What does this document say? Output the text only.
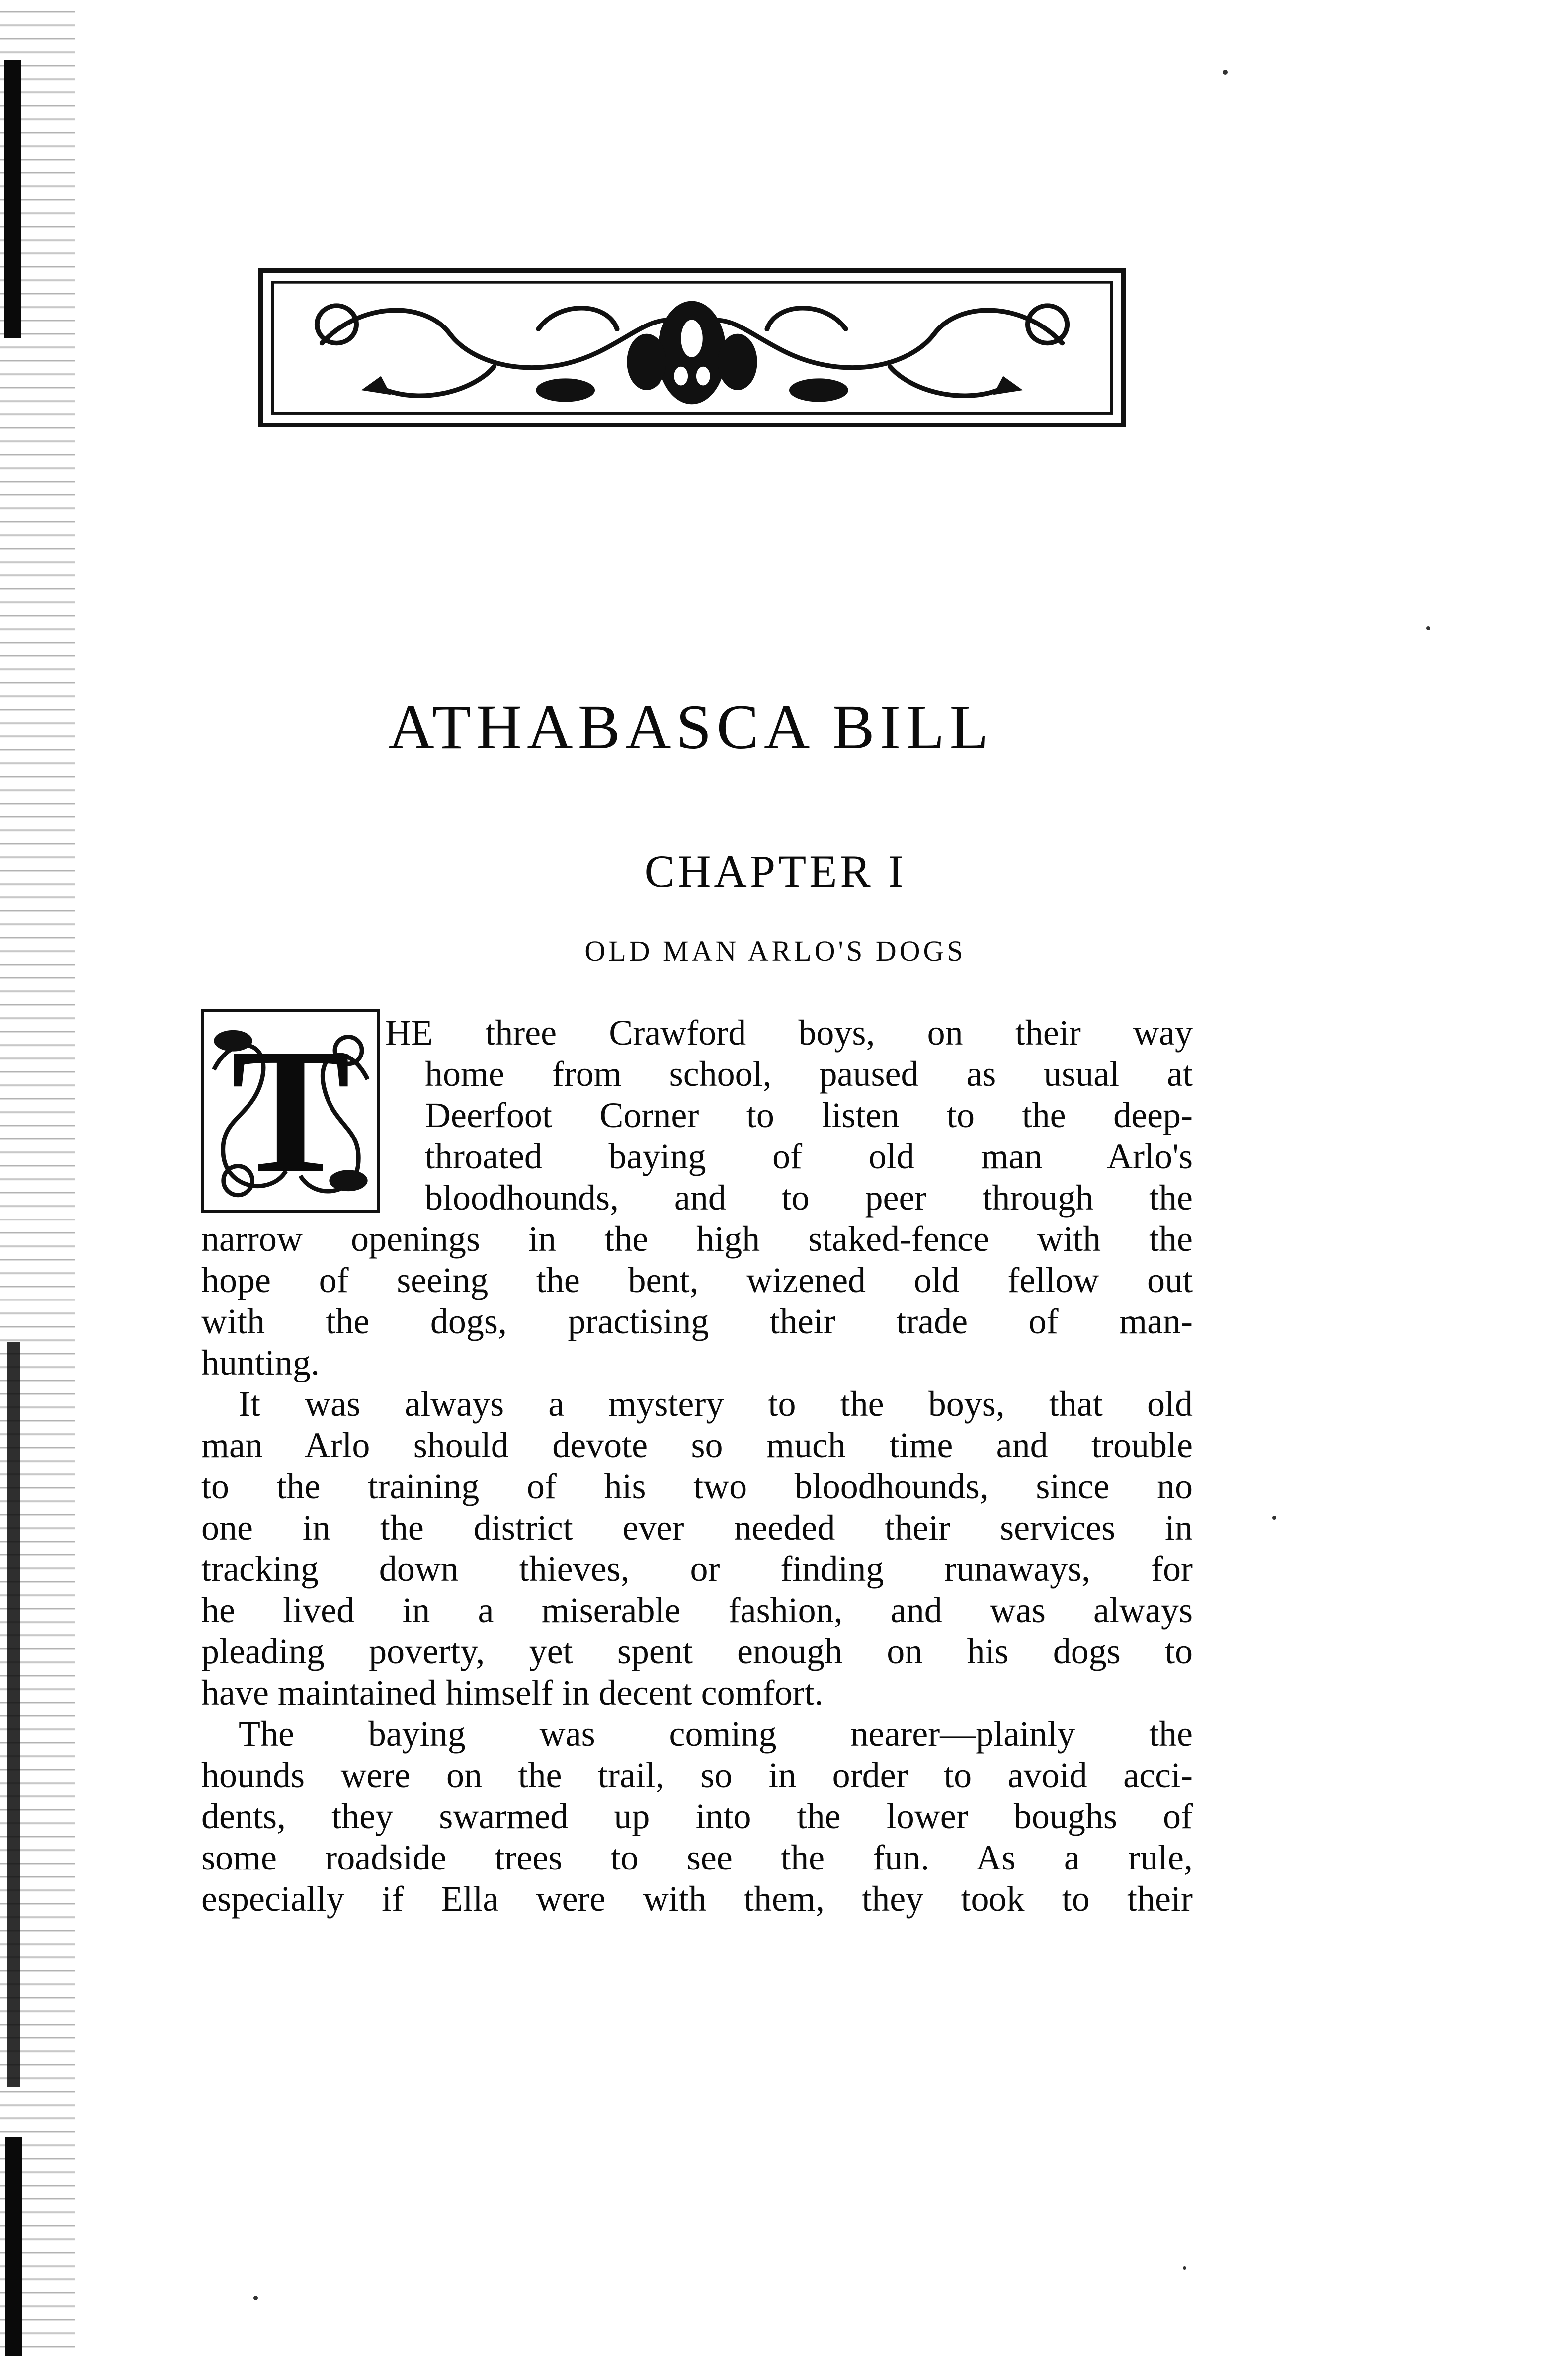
ATHABASCA BILL
CHAPTER I
OLD MAN ARLO'S DOGS
T HE three Crawford boys, on their way
home from school, paused as usual at
Deerfoot Corner to listen to the deep-
throated baying of old man Arlo's
bloodhounds, and to peer through the
narrow openings in the high staked-fence with the
hope of seeing the bent, wizened old fellow out
with the dogs, practising their trade of man-
hunting.
It was always a mystery to the boys, that old
man Arlo should devote so much time and trouble
to the training of his two bloodhounds, since no
one in the district ever needed their services in
tracking down thieves, or finding runaways, for
he lived in a miserable fashion, and was always
pleading poverty, yet spent enough on his dogs to
have maintained himself in decent comfort.
The baying was coming nearer—plainly the
hounds were on the trail, so in order to avoid acci-
dents, they swarmed up into the lower boughs of
some roadside trees to see the fun. As a rule,
especially if Ella were with them, they took to their
